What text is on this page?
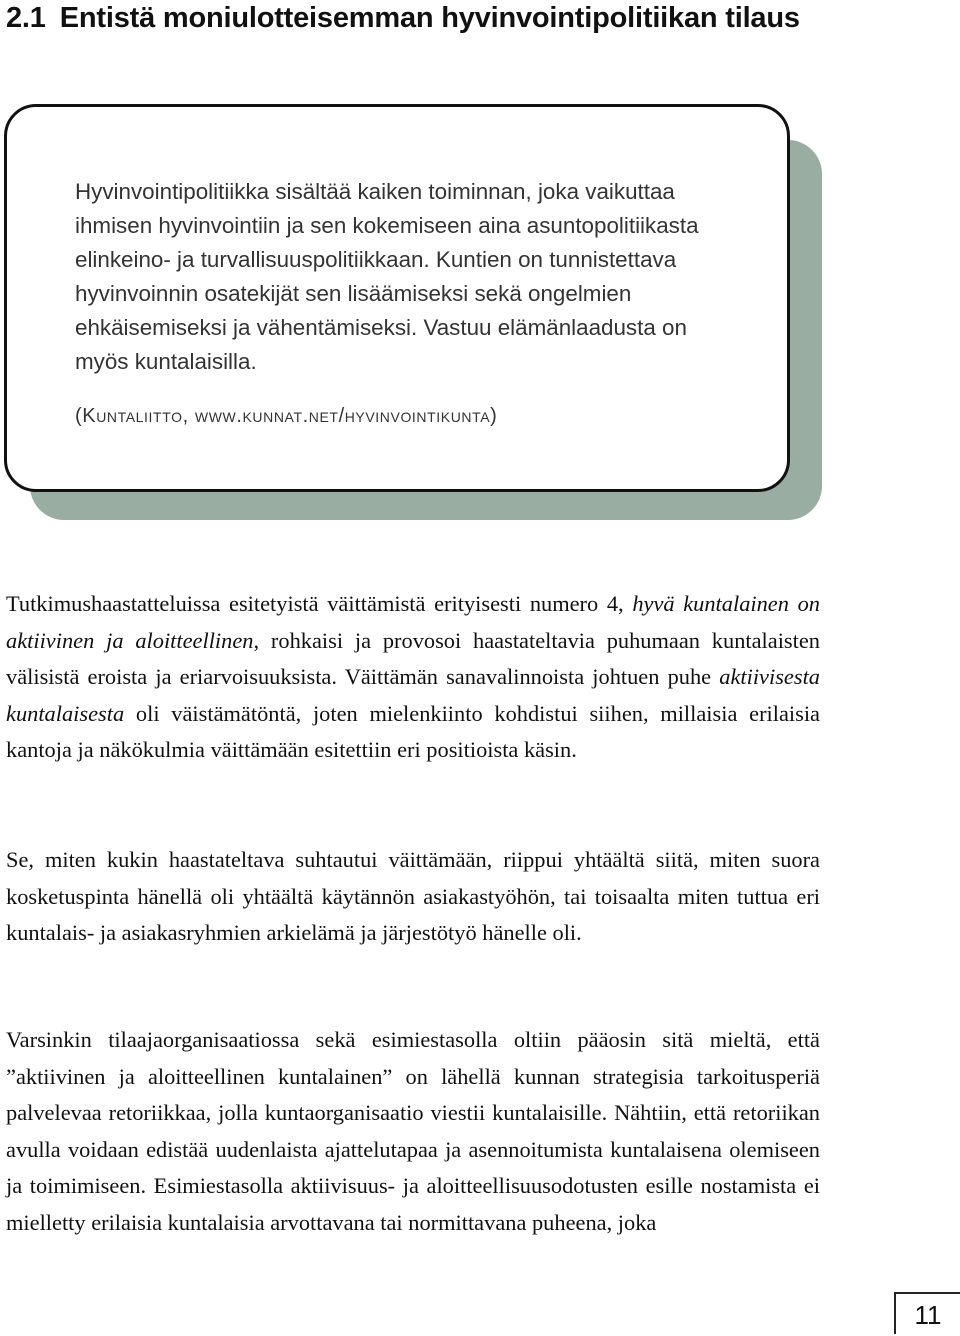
2.1 Entistä moniulotteisemman hyvinvointipolitiikan tilaus

Hyvinvointipolitiikka sisältää kaiken toiminnan, joka vaikuttaa ihmisen hyvinvointiin ja sen kokemiseen aina asuntopolitiikasta elinkeino- ja turvallisuuspolitiikkaan. Kuntien on tunnistettava hyvinvoinnin osatekijät sen lisäämiseksi sekä ongelmien ehkäisemiseksi ja vähentämiseksi. Vastuu elämänlaadusta on myös kuntalaisilla.

(Kuntaliitto, www.kunnat.net/hyvinvointikunta)

Tutkimushaastatteluissa esitetyistä väittämistä erityisesti numero 4, hyvä kuntalainen on aktiivinen ja aloitteellinen, rohkaisi ja provosoi haastateltavia puhumaan kuntalaisten välisistä eroista ja eriarvoisuuksista. Väittämän sanavalinnoista johtuen puhe aktiivisesta kuntalaisesta oli väistämätöntä, joten mielenkiinto kohdistui siihen, millaisia erilaisia kantoja ja näkökulmia väittämään esitettiin eri positioista käsin.

Se, miten kukin haastateltava suhtautui väittämään, riippui yhtäältä siitä, miten suora kosketuspinta hänellä oli yhtäältä käytännön asiakastyöhön, tai toisaalta miten tuttua eri kuntalais- ja asiakasryhmien arkielämä ja järjestötyö hänelle oli.

Varsinkin tilaajaorganisaatiossa sekä esimiestasolla oltiin pääosin sitä mieltä, että ”aktiivinen ja aloitteellinen kuntalainen” on lähellä kunnan strategisia tarkoitusperiä palvelevaa retoriikkaa, jolla kuntaorganisaatio viestii kuntalaisille. Nähtiin, että retoriikan avulla voidaan edistää uudenlaista ajattelutapaa ja asennoitumista kuntalaisena olemiseen ja toimimiseen. Esimiestasolla aktiivisuus- ja aloitteellisuusodotusten esille nostamista ei mielletty erilaisia kuntalaisia arvottavana tai normittavana puheena, joka

11
